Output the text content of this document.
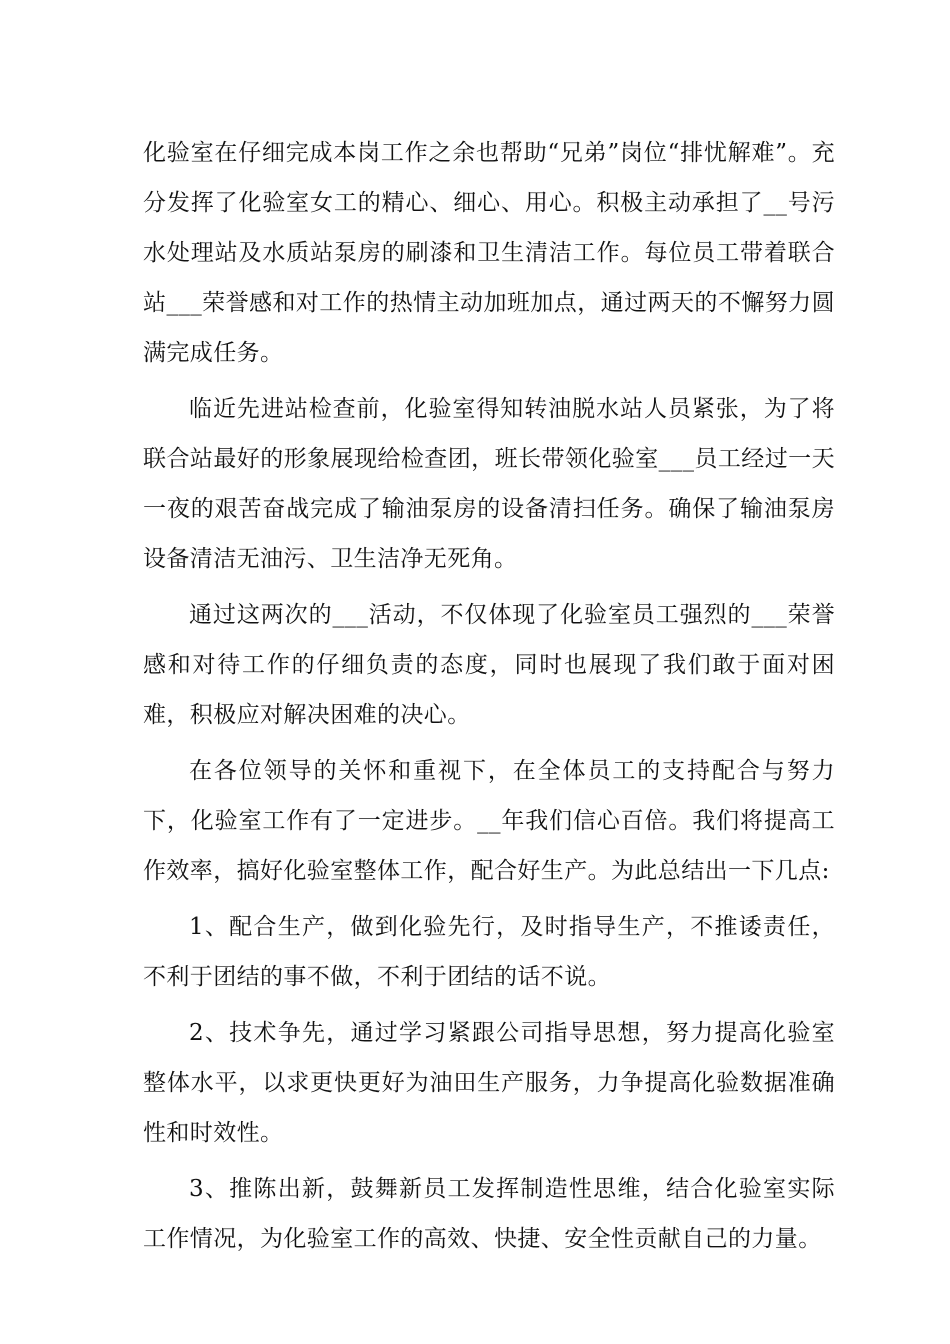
化验室在仔细完成本岗工作之余也帮助“兄弟”岗位“排忧解难”。充分发挥了化验室女工的精心、细心、用心。积极主动承担了__号污水处理站及水质站泵房的刷漆和卫生清洁工作。每位员工带着联合站___荣誉感和对工作的热情主动加班加点，通过两天的不懈努力圆满完成任务。

临近先进站检查前，化验室得知转油脱水站人员紧张，为了将联合站最好的形象展现给检查团，班长带领化验室___员工经过一天一夜的艰苦奋战完成了输油泵房的设备清扫任务。确保了输油泵房设备清洁无油污、卫生洁净无死角。

通过这两次的___活动，不仅体现了化验室员工强烈的___荣誉感和对待工作的仔细负责的态度，同时也展现了我们敢于面对困难，积极应对解决困难的决心。

在各位领导的关怀和重视下，在全体员工的支持配合与努力下，化验室工作有了一定进步。__年我们信心百倍。我们将提高工作效率，搞好化验室整体工作，配合好生产。为此总结出一下几点:

1、配合生产，做到化验先行，及时指导生产，不推诿责任，不利于团结的事不做，不利于团结的话不说。

2、技术争先，通过学习紧跟公司指导思想，努力提高化验室整体水平，以求更快更好为油田生产服务，力争提高化验数据准确性和时效性。

3、推陈出新，鼓舞新员工发挥制造性思维，结合化验室实际工作情况，为化验室工作的高效、快捷、安全性贡献自己的力量。
